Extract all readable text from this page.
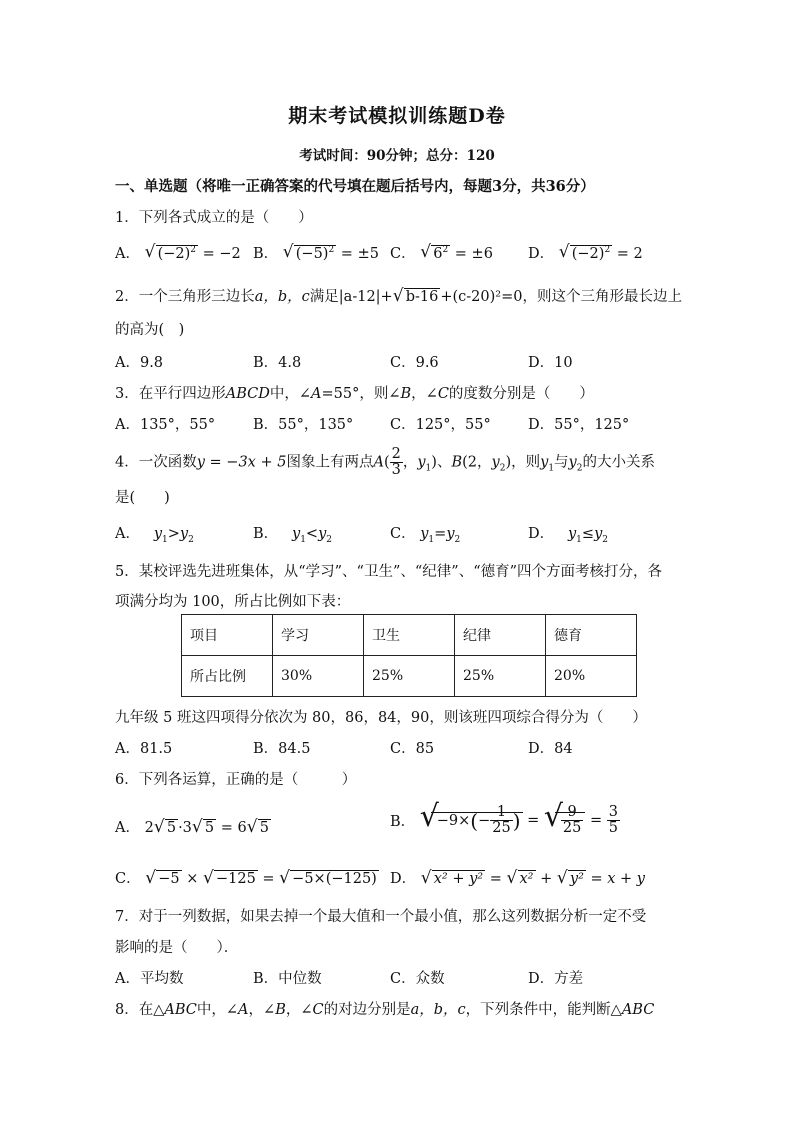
期末考试模拟训练题D卷
考试时间：90分钟；总分：120
一、单选题（将唯一正确答案的代号填在题后括号内，每题3分，共36分）
1．下列各式成立的是（　　）
A． √ $(-2)^2 = -2$ B． √ $(-5)^2 = \pm 5$ C． √ $6^2 = \pm 6$ D． √ $(-2)^2 = 2$
2．一个三角形三边长a，b，c满足|a-12|+ √ b-16 +(c-20)²=0，则这个三角形最长边上
的高为(　)
A．9.8	B．4.8	C．9.6	D．10
3．在平行四边形ABCD中，∠A=55°，则∠B，∠C的度数分别是（　　）
A．135°，55°	B．55°，135°	C．125°，55°	D．55°，125°
4．一次函数y = −3x + 5图象上有两点$A( \frac{2}{3}$ ，$y_1$)、B(2，$y_2$)，则$y_1$与$y_2$的大小关系
是(　　)
A． $y_1>y_2$	B． $y_1<y_2$	C． $y_1=y_2$	D． $y_1\le y_2$
5．某校评选先进班集体，从“学习”、“卫生”、“纪律”、“德育”四个方面考核打分，各
项满分均为 100，所占比例如下表：
项目	学习	卫生	纪律	德育
所占比例	30%	25%	25%	20%
九年级 5 班这四项得分依次为 80，86，84，90，则该班四项综合得分为（　　）
A．81.5	B．84.5	C．85	D．84
6．下列各运算，正确的是（　　　）
A． 2 √ 5 ·3 √ 5 = 6 √ 5	B． √
$-9\times(- \frac{1}{25}$ ) = √
$\frac{9}{25} = \frac{3}{5}$
C． √ −5 × √ −125 = √ −5×(−125) D． √ x² + y² = √ x² + √ y² = x + y
7．对于一列数据，如果去掉一个最大值和一个最小值，那么这列数据分析一定不受
影响的是（　　）．
A．平均数	B．中位数	C．众数	D．方差
8．在△ABC中，∠A，∠B，∠C的对边分别是a，b，c，下列条件中，能判断△ABC
